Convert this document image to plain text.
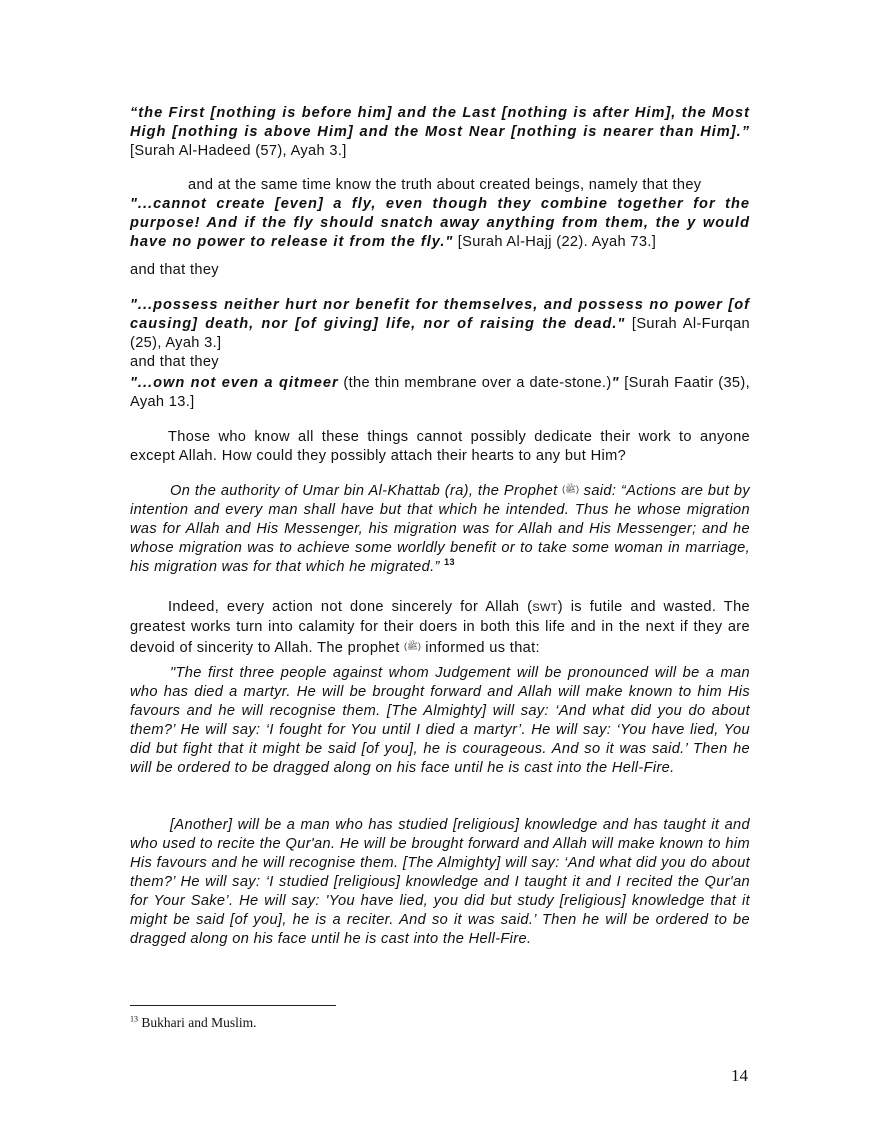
“the First [nothing is before him] and the Last [nothing is after Him], the Most High [nothing is above Him] and the Most Near [nothing is nearer than Him].” [Surah Al-Hadeed (57), Ayah 3.]
and at the same time know the truth about created beings, namely that they
"...cannot create [even] a fly, even though they combine together for the purpose! And if the fly should snatch away anything from them, the y would have no power to release it from the fly." [Surah Al-Hajj (22). Ayah 73.]
and that they
"...possess neither hurt nor benefit for themselves, and possess no power [of causing] death, nor [of giving] life, nor of raising the dead." [Surah Al-Furqan (25), Ayah 3.]
and that they
"...own not even a qitmeer (the thin membrane over a date-stone.)" [Surah Faatir (35), Ayah 13.]
Those who know all these things cannot possibly dedicate their work to anyone except Allah. How could they possibly attach their hearts to any but Him?
On the authority of Umar bin Al-Khattab (ra), the Prophet (ﷺ) said: “Actions are but by intention and every man shall have but that which he intended. Thus he whose migration was for Allah and His Messenger, his migration was for Allah and His Messenger; and he whose migration was to achieve some worldly benefit or to take some woman in marriage, his migration was for that which he migrated.” $^{13}$
Indeed, every action not done sincerely for Allah (SWT) is futile and wasted. The greatest works turn into calamity for their doers in both this life and in the next if they are devoid of sincerity to Allah. The prophet (ﷺ) informed us that:
"The first three people against whom Judgement will be pronounced will be a man who has died a martyr. He will be brought forward and Allah will make known to him His favours and he will recognise them. [The Almighty] will say: ‘And what did you do about them?’ He will say: ‘I fought for You until I died a martyr’. He will say: ‘You have lied, You did but fight that it might be said [of you], he is courageous. And so it was said.’ Then he will be ordered to be dragged along on his face until he is cast into the Hell-Fire.
[Another] will be a man who has studied [religious] knowledge and has taught it and who used to recite the Qur'an. He will be brought forward and Allah will make known to him His favours and he will recognise them. [The Almighty] will say: ‘And what did you do about them?’ He will say: ‘I studied [religious] knowledge and I taught it and I recited the Qur'an for Your Sake’. He will say: 'You have lied, you did but study [religious] knowledge that it might be said [of you], he is a reciter. And so it was said.’ Then he will be ordered to be dragged along on his face until he is cast into the Hell-Fire.
$^{13}$ Bukhari and Muslim.
14
